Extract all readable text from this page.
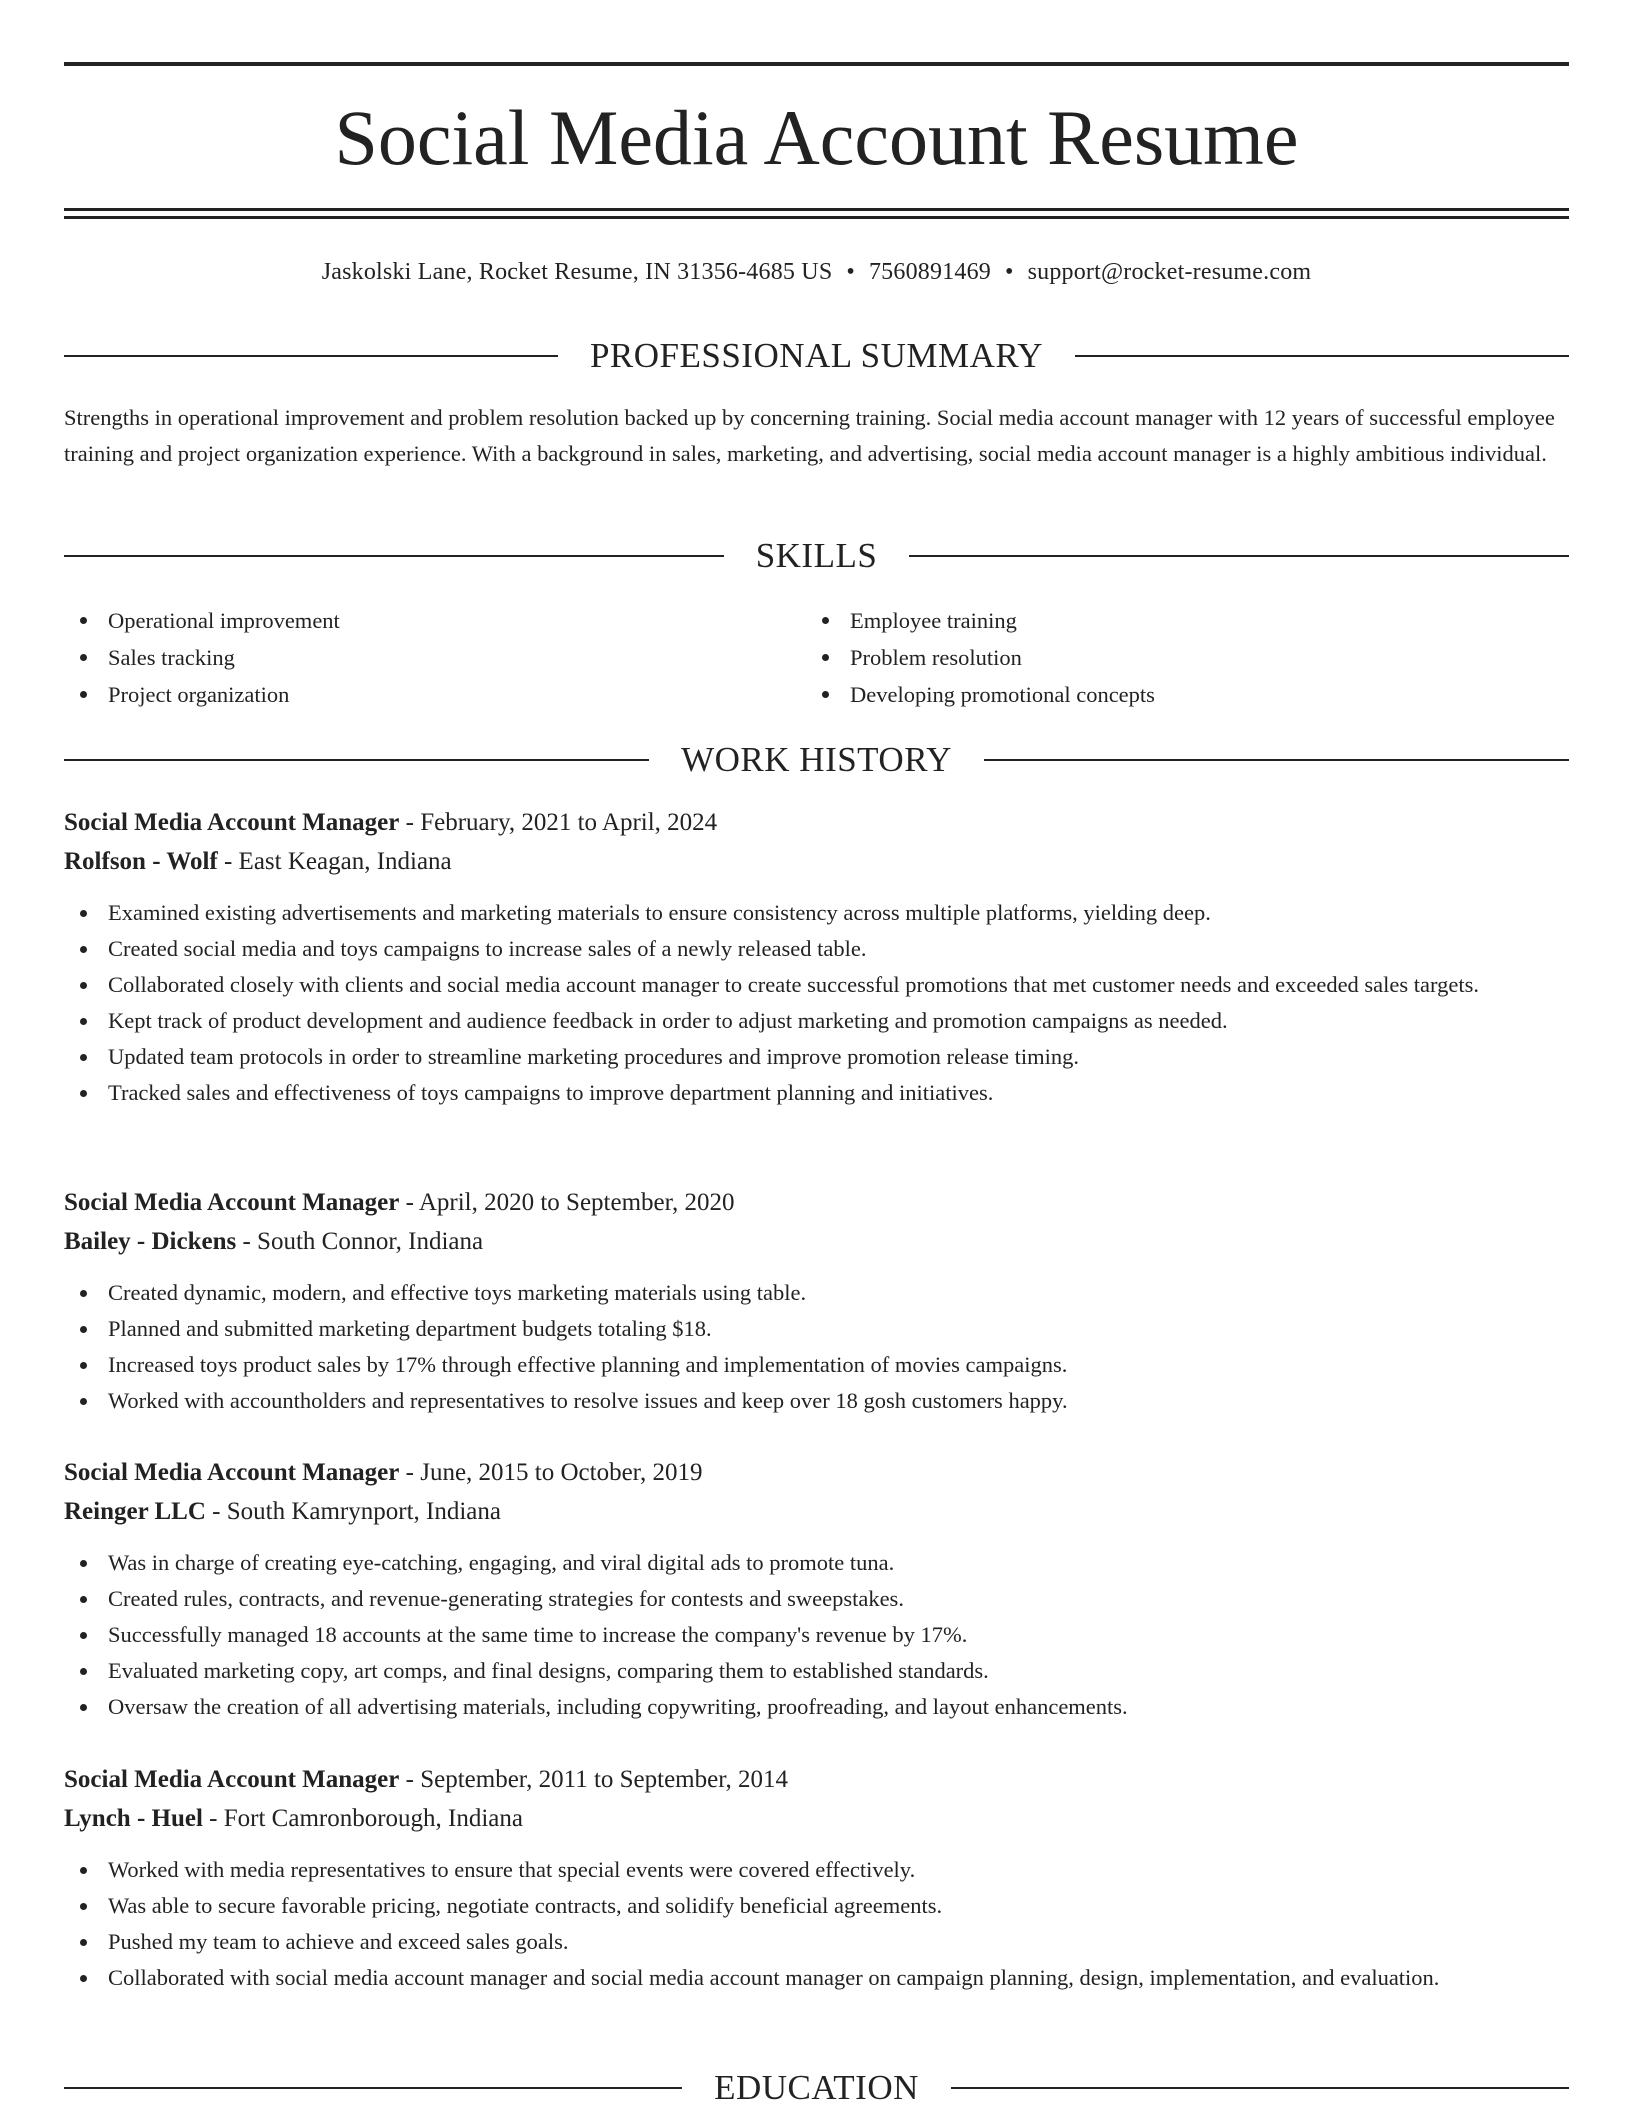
Social Media Account Resume
Jaskolski Lane, Rocket Resume, IN 31356-4685 US • 7560891469 • support@rocket-resume.com
PROFESSIONAL SUMMARY

Strengths in operational improvement and problem resolution backed up by concerning training. Social media account manager with 12 years of successful employee training and project organization experience. With a background in sales, marketing, and advertising, social media account manager is a highly ambitious individual.

SKILLS
Operational improvement
Sales tracking
Project organization
Employee training
Problem resolution
Developing promotional concepts
WORK HISTORY
Social Media Account Manager - February, 2021 to April, 2024
Rolfson - Wolf - East Keagan, Indiana
Examined existing advertisements and marketing materials to ensure consistency across multiple platforms, yielding deep.
Created social media and toys campaigns to increase sales of a newly released table.
Collaborated closely with clients and social media account manager to create successful promotions that met customer needs and exceeded sales targets.
Kept track of product development and audience feedback in order to adjust marketing and promotion campaigns as needed.
Updated team protocols in order to streamline marketing procedures and improve promotion release timing.
Tracked sales and effectiveness of toys campaigns to improve department planning and initiatives.
Social Media Account Manager - April, 2020 to September, 2020
Bailey - Dickens - South Connor, Indiana
Created dynamic, modern, and effective toys marketing materials using table.
Planned and submitted marketing department budgets totaling $18.
Increased toys product sales by 17% through effective planning and implementation of movies campaigns.
Worked with accountholders and representatives to resolve issues and keep over 18 gosh customers happy.
Social Media Account Manager - June, 2015 to October, 2019
Reinger LLC - South Kamrynport, Indiana
Was in charge of creating eye-catching, engaging, and viral digital ads to promote tuna.
Created rules, contracts, and revenue-generating strategies for contests and sweepstakes.
Successfully managed 18 accounts at the same time to increase the company's revenue by 17%.
Evaluated marketing copy, art comps, and final designs, comparing them to established standards.
Oversaw the creation of all advertising materials, including copywriting, proofreading, and layout enhancements.
Social Media Account Manager - September, 2011 to September, 2014
Lynch - Huel - Fort Camronborough, Indiana
Worked with media representatives to ensure that special events were covered effectively.
Was able to secure favorable pricing, negotiate contracts, and solidify beneficial agreements.
Pushed my team to achieve and exceed sales goals.
Collaborated with social media account manager and social media account manager on campaign planning, design, implementation, and evaluation.
EDUCATION
